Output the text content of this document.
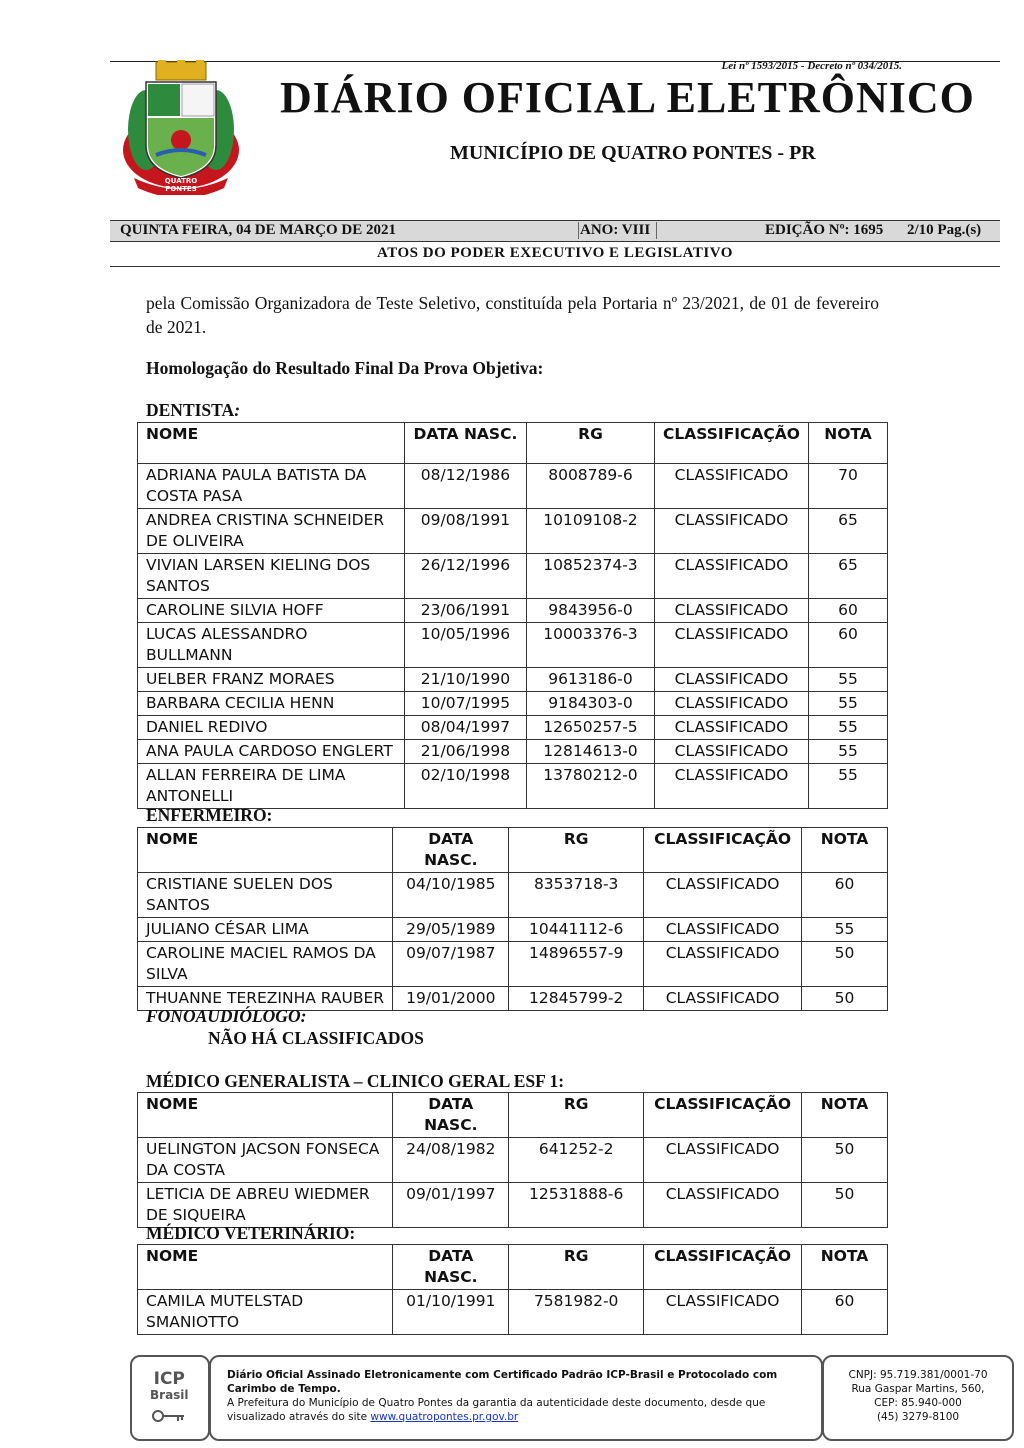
Lei nº 1593/2015 - Decreto nº 034/2015.
QUATRO PONTES
DIÁRIO OFICIAL ELETRÔNICO
MUNICÍPIO DE QUATRO PONTES - PR
QUINTA FEIRA, 04 DE MARÇO DE 2021	ANO: VIII	EDIÇÃO Nº: 1695 2/10 Pag.(s)
ATOS DO PODER EXECUTIVO E LEGISLATIVO
pela Comissão Organizadora de Teste Seletivo, constituída pela Portaria nº 23/2021, de 01 de fevereiro de 2021.
Homologação do Resultado Final Da Prova Objetiva:
DENTISTA:
NOME	DATA NASC.	RG	CLASSIFICAÇÃO	NOTA
ADRIANA PAULA BATISTA DA COSTA PASA	08/12/1986	8008789-6	CLASSIFICADO	70
ANDREA CRISTINA SCHNEIDER DE OLIVEIRA	09/08/1991	10109108-2	CLASSIFICADO	65
VIVIAN LARSEN KIELING DOS SANTOS	26/12/1996	10852374-3	CLASSIFICADO	65
CAROLINE SILVIA HOFF	23/06/1991	9843956-0	CLASSIFICADO	60
LUCAS ALESSANDRO BULLMANN	10/05/1996	10003376-3	CLASSIFICADO	60
UELBER FRANZ MORAES	21/10/1990	9613186-0	CLASSIFICADO	55
BARBARA CECILIA HENN	10/07/1995	9184303-0	CLASSIFICADO	55
DANIEL REDIVO	08/04/1997	12650257-5	CLASSIFICADO	55
ANA PAULA CARDOSO ENGLERT	21/06/1998	12814613-0	CLASSIFICADO	55
ALLAN FERREIRA DE LIMA ANTONELLI	02/10/1998	13780212-0	CLASSIFICADO	55
ENFERMEIRO:
NOME	DATA NASC.	RG	CLASSIFICAÇÃO	NOTA
CRISTIANE SUELEN DOS SANTOS	04/10/1985	8353718-3	CLASSIFICADO	60
JULIANO CÉSAR LIMA	29/05/1989	10441112-6	CLASSIFICADO	55
CAROLINE MACIEL RAMOS DA SILVA	09/07/1987	14896557-9	CLASSIFICADO	50
THUANNE TEREZINHA RAUBER	19/01/2000	12845799-2	CLASSIFICADO	50
FONOAUDIÓLOGO:
NÃO HÁ CLASSIFICADOS
MÉDICO GENERALISTA – CLINICO GERAL ESF 1:
NOME	DATA NASC.	RG	CLASSIFICAÇÃO	NOTA
UELINGTON JACSON FONSECA DA COSTA	24/08/1982	641252-2	CLASSIFICADO	50
LETICIA DE ABREU WIEDMER DE SIQUEIRA	09/01/1997	12531888-6	CLASSIFICADO	50
MÉDICO VETERINÁRIO:
NOME	DATA NASC.	RG	CLASSIFICAÇÃO	NOTA
CAMILA MUTELSTAD SMANIOTTO	01/10/1991	7581982-0	CLASSIFICADO	60
ICP
Brasil
Diário Oficial Assinado Eletronicamente com Certificado Padrão ICP-Brasil e Protocolado com Carimbo de Tempo.
A Prefeitura do Município de Quatro Pontes da garantia da autenticidade deste documento, desde que visualizado através do site www.quatropontes.pr.gov.br
CNPJ: 95.719.381/0001-70
Rua Gaspar Martins, 560,
CEP: 85.940-000
(45) 3279-8100
